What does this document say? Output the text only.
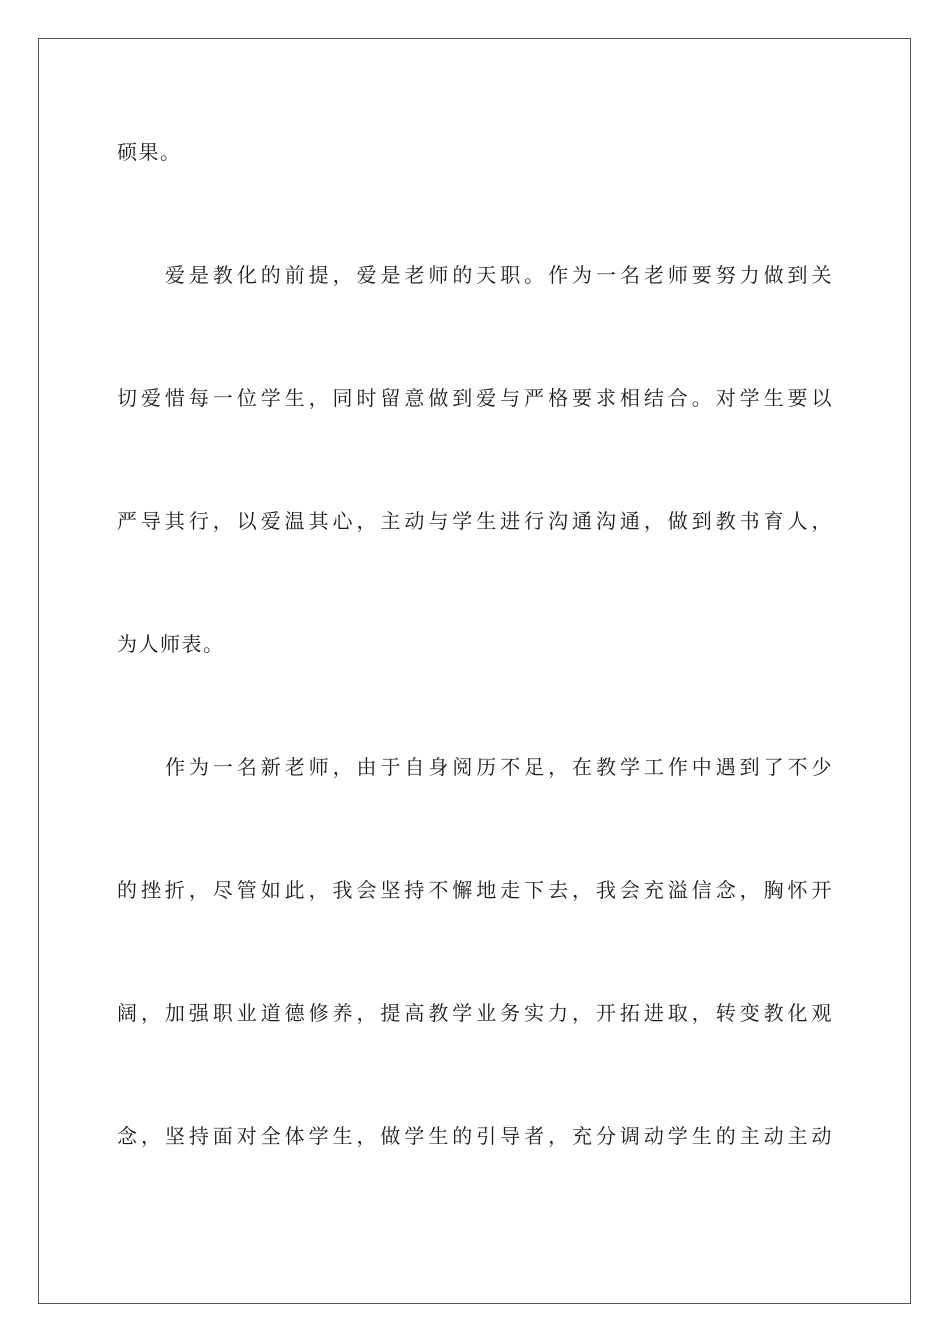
硕果。
爱是教化的前提，爱是老师的天职。作为一名老师要努力做到关
切爱惜每一位学生，同时留意做到爱与严格要求相结合。对学生要以
严导其行，以爱温其心，主动与学生进行沟通沟通，做到教书育人，
为人师表。
作为一名新老师，由于自身阅历不足，在教学工作中遇到了不少
的挫折，尽管如此，我会坚持不懈地走下去，我会充溢信念，胸怀开
阔，加强职业道德修养，提高教学业务实力，开拓进取，转变教化观
念，坚持面对全体学生，做学生的引导者，充分调动学生的主动主动
